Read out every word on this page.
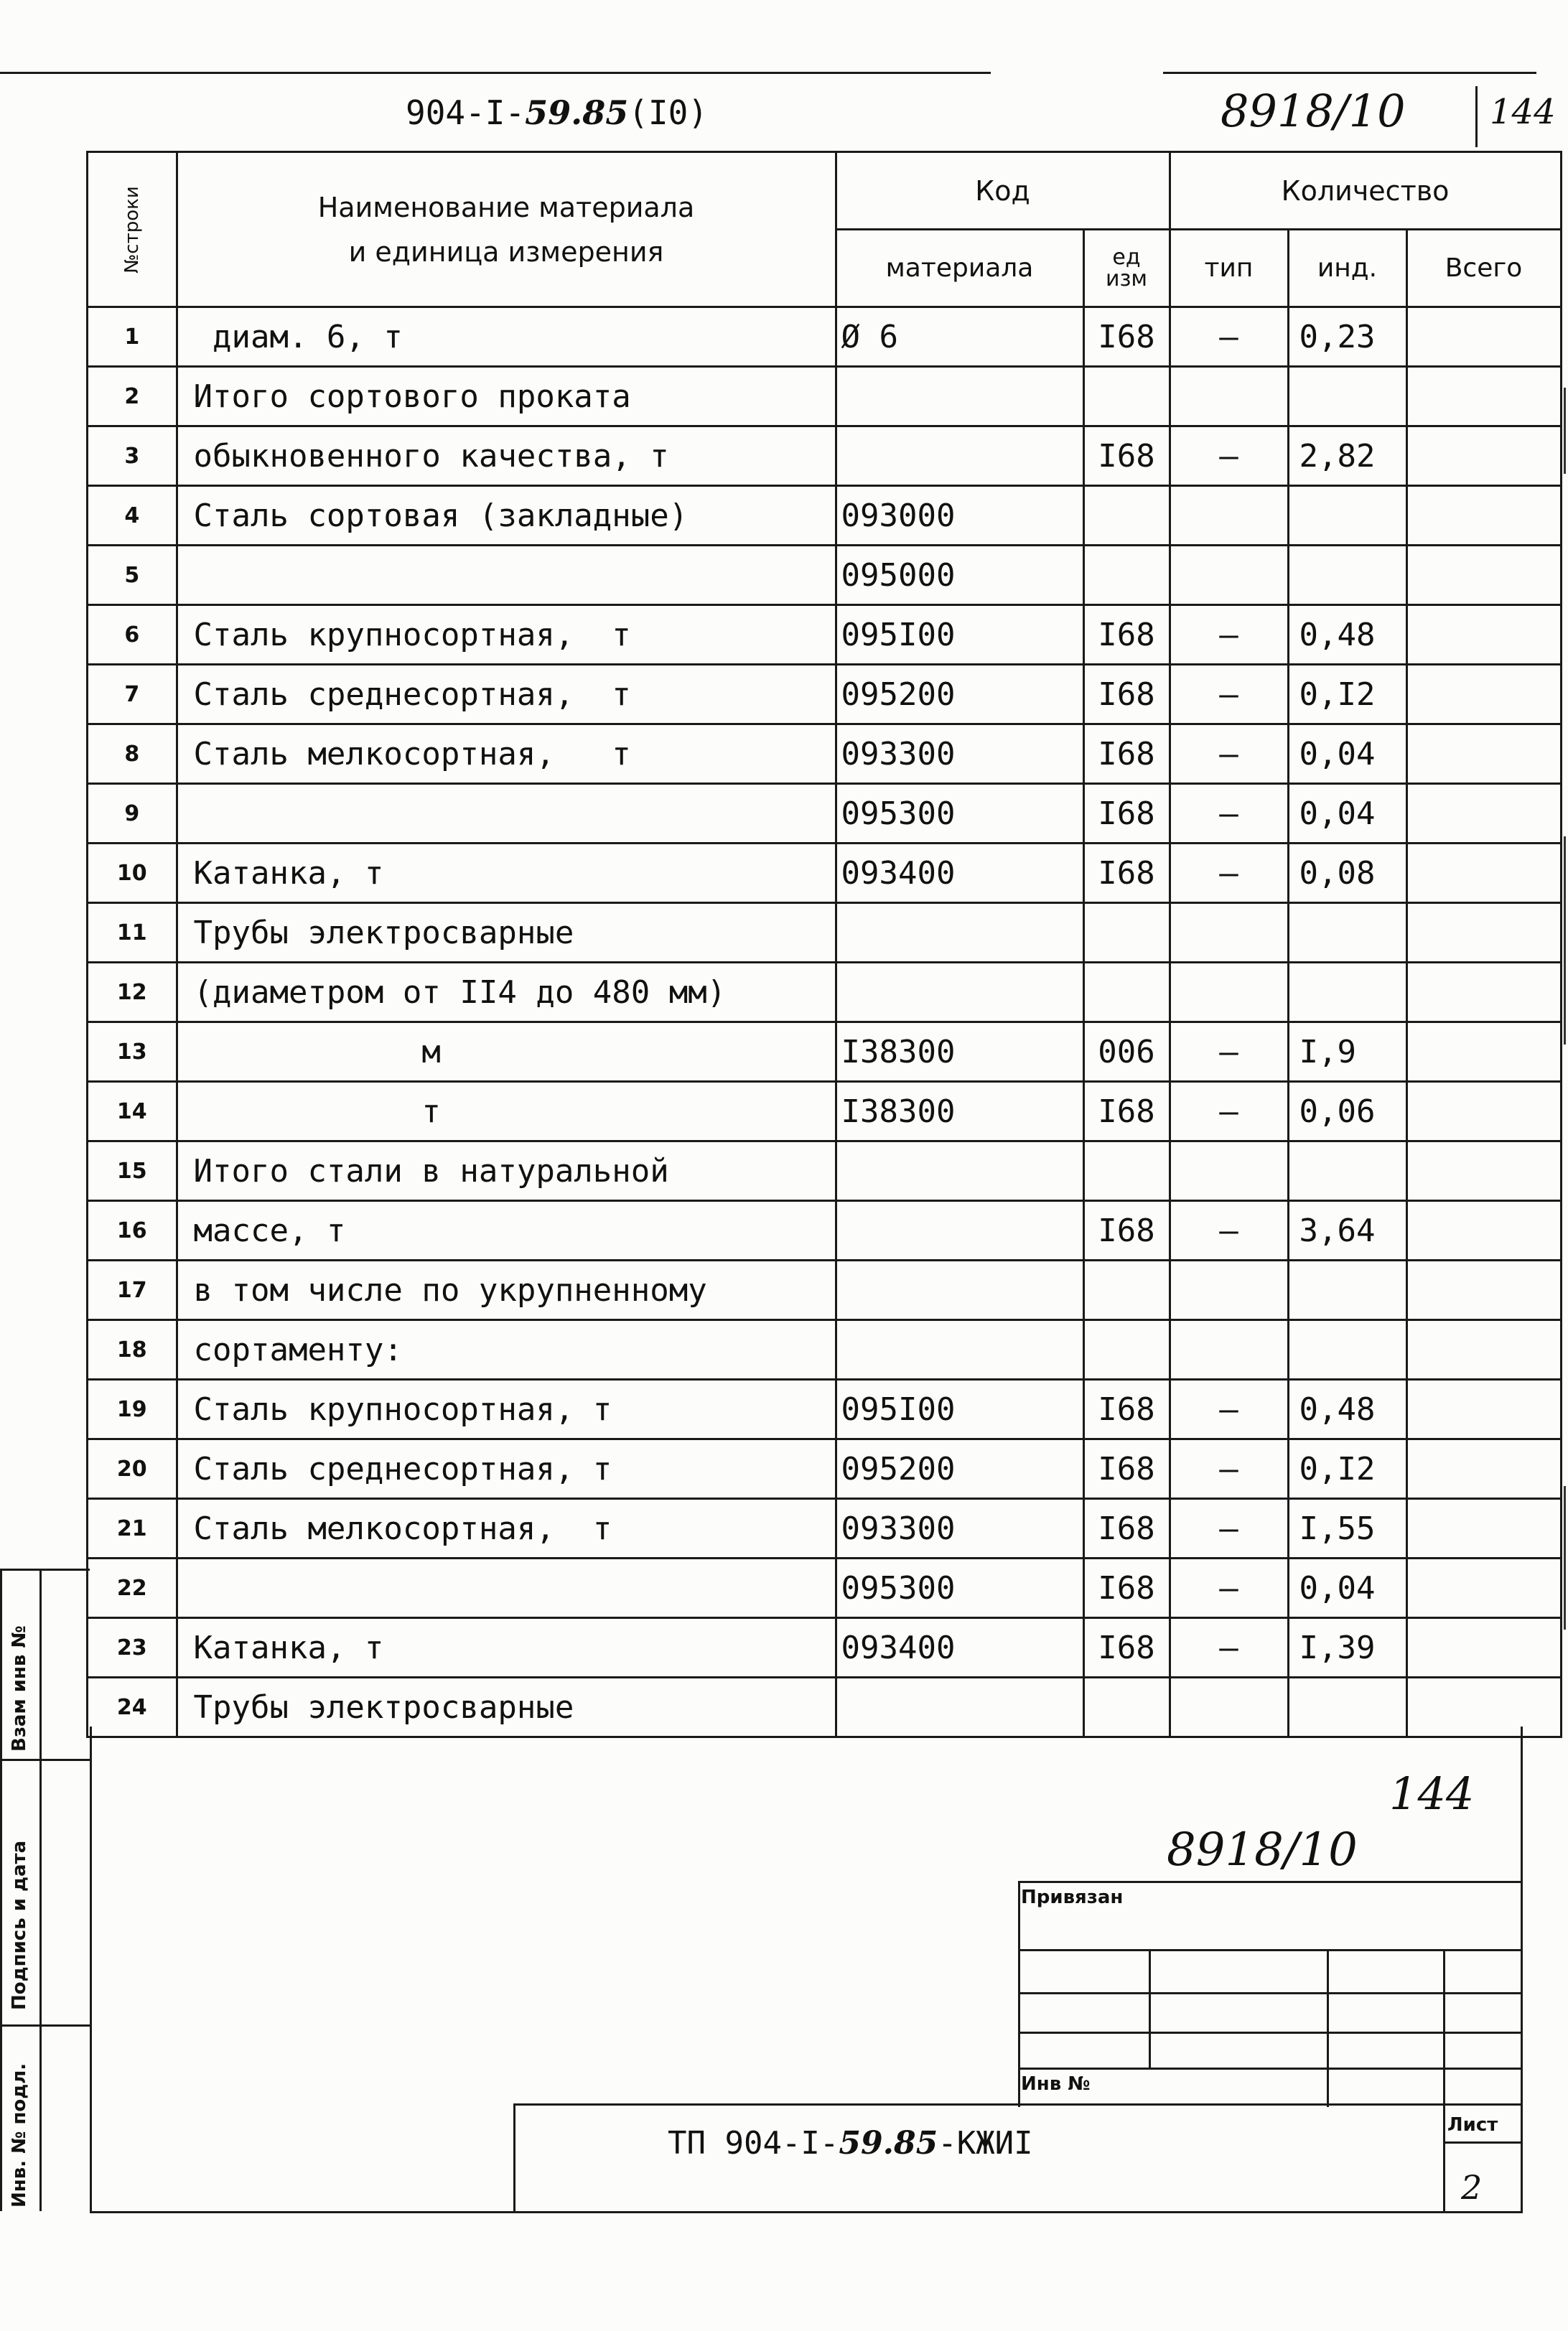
904-I-59.85(I0)	8918/10 144
№строки	Наименование материала
и единица измерения	Код		Количество		
		материала	ед изм	тип	инд.	Всего
1	диам. 6, т	Ø 6	I68	–	0,23	
2	Итого сортового проката					
3	обыкновенного качества, т		I68	–	2,82	
4	Сталь сортовая (закладные)	093000				
5		095000				
6	Сталь крупносортная,  т	095I00	I68	–	0,48	
7	Сталь среднесортная,  т	095200	I68	–	0,I2	
8	Сталь мелкосортная,   т	093300	I68	–	0,04	
9		095300	I68	–	0,04	
10	Катанка, т	093400	I68	–	0,08	
11	Трубы электросварные					
12	(диаметром от II4 до 480 мм)					
13	м	I38300	006	–	I,9	
14	т	I38300	I68	–	0,06	
15	Итого стали в натуральной					
16	массе, т		I68	–	3,64	
17	в том числе по укрупненному					
18	сортаменту:					
19	Сталь крупносортная, т	095I00	I68	–	0,48	
20	Сталь среднесортная, т	095200	I68	–	0,I2	
21	Сталь мелкосортная,  т	093300	I68	–	I,55	
22		095300	I68	–	0,04	
23	Катанка, т	093400	I68	–	I,39	
24	Трубы электросварные					
144
8918/10
Привязан
Инв №
ТП 904-I-59.85-КЖИI	Лист
2
Взам инв №
Подпись и дата
Инв. № подл.
